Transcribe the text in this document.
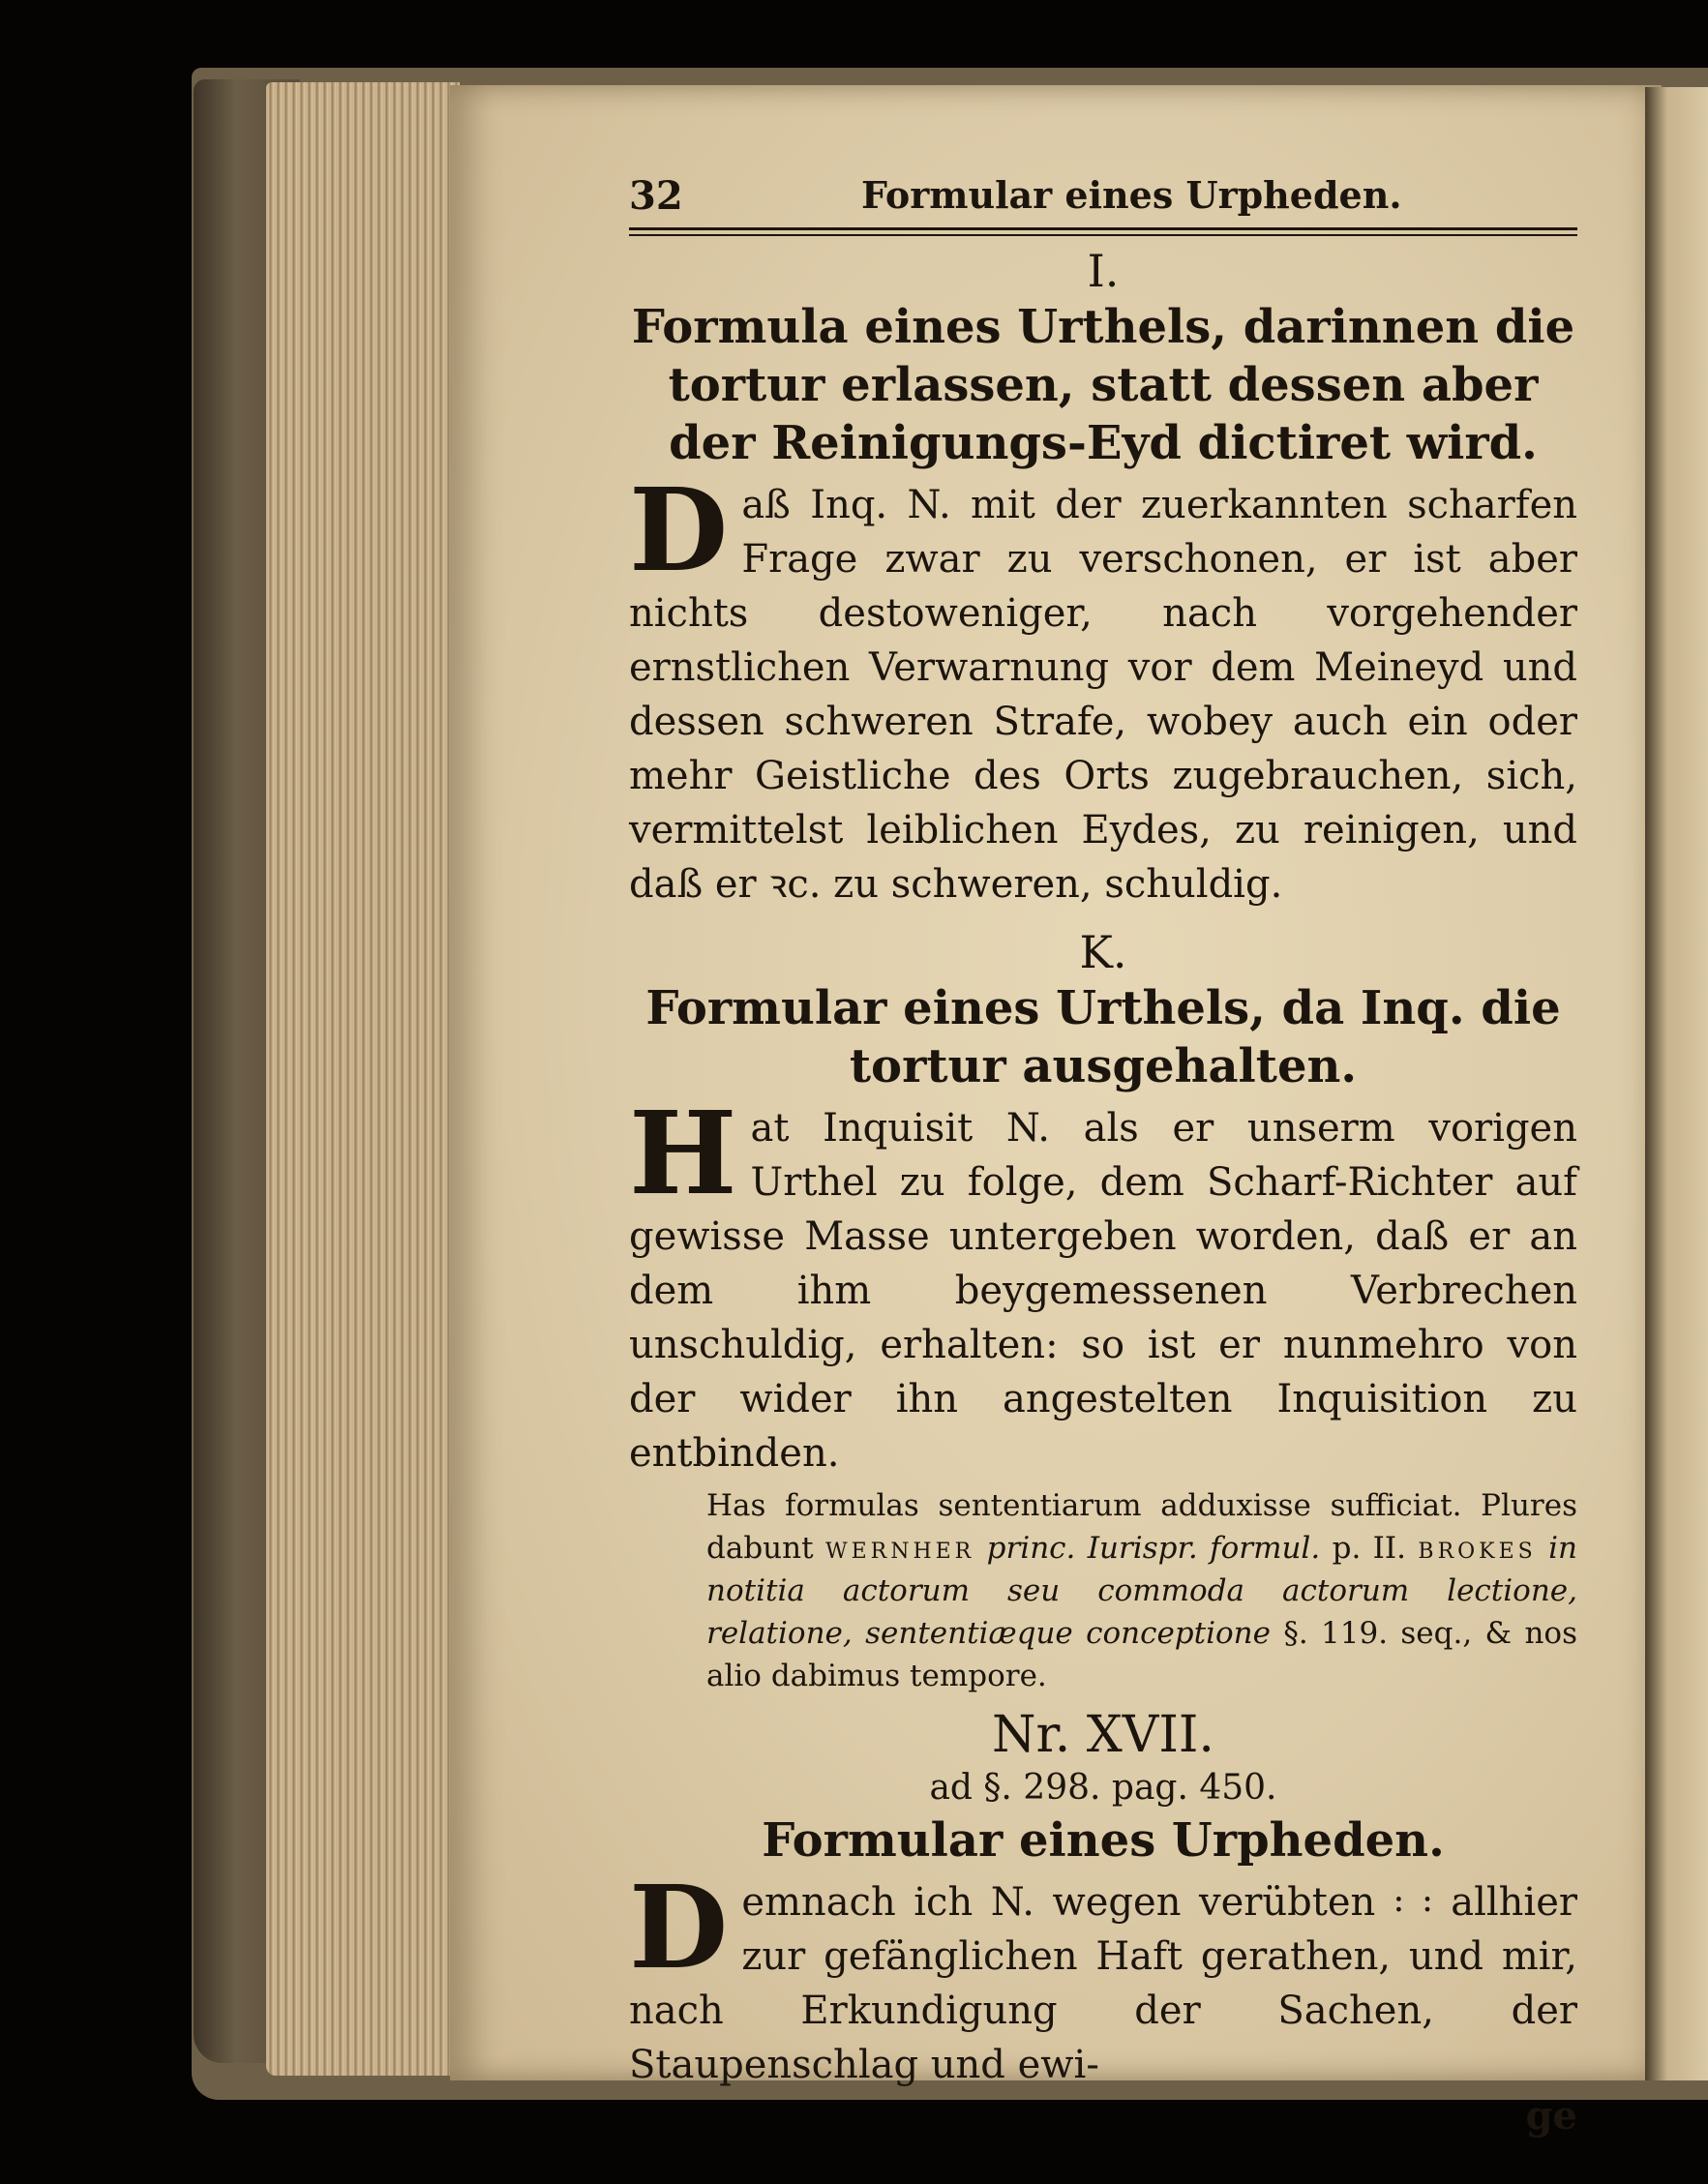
32	Formular eines Urpheden.
I.

Formula eines Urthels, darinnen die tortur erlassen, statt dessen aber der Reinigungs-Eyd dictiret wird.

Daß Inq. N. mit der zuerkannten scharfen Frage zwar zu verschonen, er ist aber nichts destoweniger, nach vorgehender ernstlichen Verwarnung vor dem Meineyd und dessen schweren Strafe, wobey auch ein oder mehr Geistliche des Orts zugebrauchen, sich, vermittelst leiblichen Eydes, zu reinigen, und daß er ꝛc. zu schweren, schuldig.

K.

Formular eines Urthels, da Inq. die tortur ausgehalten.

Hat Inquisit N. als er unserm vorigen Urthel zu folge, dem Scharf-Richter auf gewisse Masse untergeben worden, daß er an dem ihm beygemessenen Verbrechen unschuldig, erhalten: so ist er nunmehro von der wider ihn angestelten Inquisition zu entbinden.

Has formulas sententiarum adduxisse sufficiat. Plures dabunt wernher princ. Iurispr. formul. p. II. brokes in notitia actorum seu commoda actorum lectione, relatione, sententiæque conceptione §. 119. seq., & nos alio dabimus tempore.

Nr. XVII.
ad §. 298. pag. 450.

Formular eines Urpheden.

Demnach ich N. wegen verübten ꞉ ꞉ allhier zur gefänglichen Haft gerathen, und mir, nach Erkundigung der Sachen, der Staupenschlag und ewi-

ge
